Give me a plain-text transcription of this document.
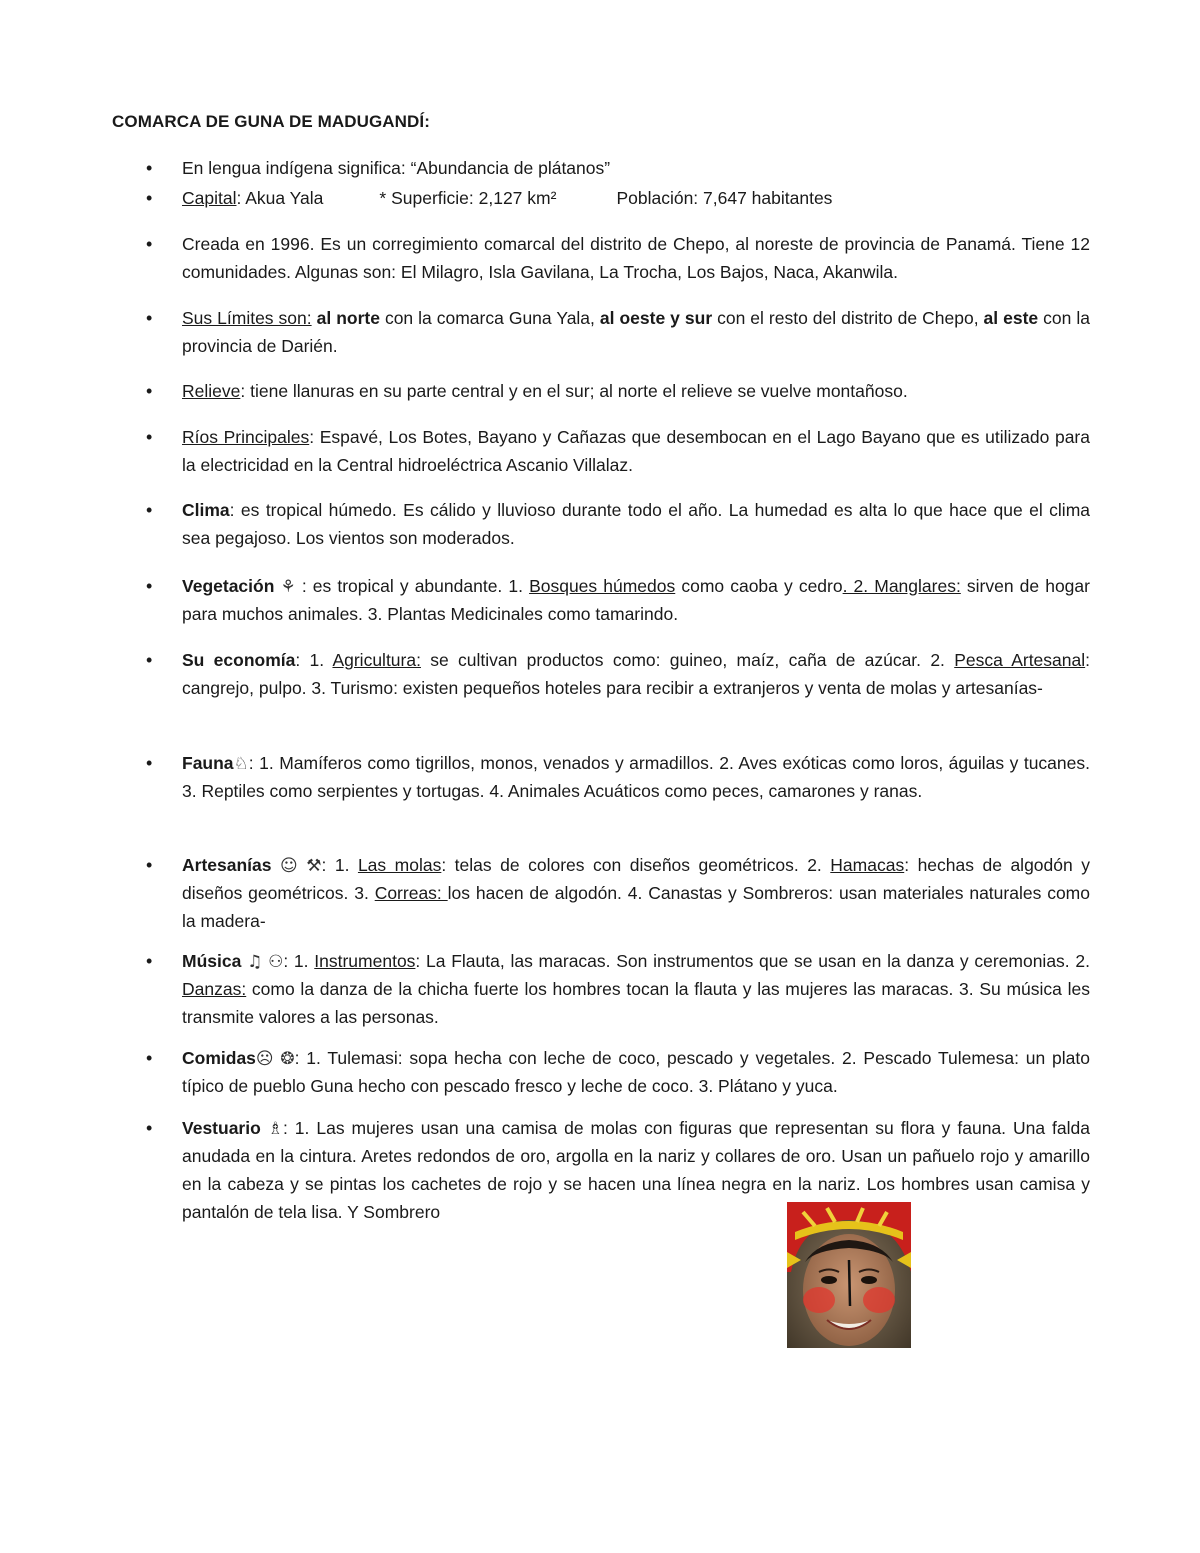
COMARCA DE GUNA DE MADUGANDÍ:
• En lengua indígena significa: “Abundancia de plátanos”
• Capital: Akua Yala	* Superficie: 2,127 km²	Población: 7,647 habitantes
• Creada en 1996. Es un corregimiento comarcal del distrito de Chepo, al noreste de provincia de Panamá. Tiene 12 comunidades. Algunas son: El Milagro, Isla Gavilana, La Trocha, Los Bajos, Naca, Akanwila.
• Sus Límites son: al norte con la comarca Guna Yala, al oeste y sur con el resto del distrito de Chepo, al este con la provincia de Darién.
• Relieve: tiene llanuras en su parte central y en el sur; al norte el relieve se vuelve montañoso.
• Ríos Principales: Espavé, Los Botes, Bayano y Cañazas que desembocan en el Lago Bayano que es utilizado para la electricidad en la Central hidroeléctrica Ascanio Villalaz.
• Clima: es tropical húmedo. Es cálido y lluvioso durante todo el año. La humedad es alta lo que hace que el clima sea pegajoso. Los vientos son moderados.
• Vegetación ⚘ : es tropical y abundante. 1. Bosques húmedos como caoba y cedro. 2. Manglares: sirven de hogar para muchos animales. 3. Plantas Medicinales como tamarindo.
• Su economía: 1. Agricultura: se cultivan productos como: guineo, maíz, caña de azúcar. 2. Pesca Artesanal: cangrejo, pulpo. 3. Turismo: existen pequeños hoteles para recibir a extranjeros y venta de molas y artesanías-
• Fauna♘: 1. Mamíferos como tigrillos, monos, venados y armadillos. 2. Aves exóticas como loros, águilas y tucanes. 3. Reptiles como serpientes y tortugas. 4. Animales Acuáticos como peces, camarones y ranas.
• Artesanías ☺ ⚒: 1. Las molas: telas de colores con diseños geométricos. 2. Hamacas: hechas de algodón y diseños geométricos. 3. Correas: los hacen de algodón. 4. Canastas y Sombreros: usan materiales naturales como la madera-
• Música ♫ ⚇: 1. Instrumentos: La Flauta, las maracas. Son instrumentos que se usan en la danza y ceremonias. 2. Danzas: como la danza de la chicha fuerte los hombres tocan la flauta y las mujeres las maracas. 3. Su música les transmite valores a las personas.
• Comidas☹ ❂: 1. Tulemasi: sopa hecha con leche de coco, pescado y vegetales. 2. Pescado Tulemesa: un plato típico de pueblo Guna hecho con pescado fresco y leche de coco. 3. Plátano y yuca.
• Vestuario ♗: 1. Las mujeres usan una camisa de molas con figuras que representan su flora y fauna. Una falda anudada en la cintura. Aretes redondos de oro, argolla en la nariz y collares de oro. Usan un pañuelo rojo y amarillo en la cabeza y se pintas los cachetes de rojo y se hacen una línea negra en la nariz. Los hombres usan camisa y pantalón de tela lisa. Y Sombrero
